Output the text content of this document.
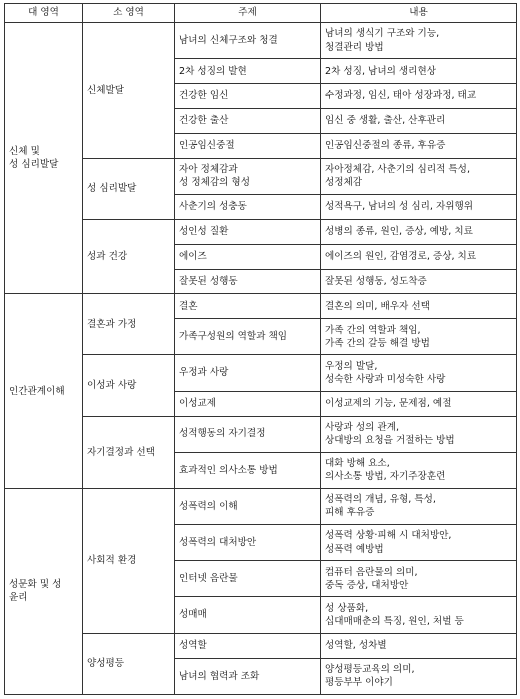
대 영역	소 영역	주제	내용

신체 및
성 심리발달	신체발달	남녀의 신체구조와 청결	남녀의 생식기 구조와 기능,
청결관리 방법

		2차 성징의 발현	2차 성징, 남녀의 생리현상

		건강한 임신	수정과정, 임신, 태아 성장과정, 태교

		건강한 출산	임신 중 생활, 출산, 산후관리

		인공임신중절	인공임신중절의 종류, 후유증

	성 심리발달	자아 정체감과
성 정체감의 형성	자아정체감, 사춘기의 심리적 특성,
성정체감

		사춘기의 성충동	성적욕구, 남녀의 성 심리, 자위행위

	성과 건강	성인성 질환	성병의 종류, 원인, 증상, 예방, 치료

		에이즈	에이즈의 원인, 감염경로, 증상, 치료

		잘못된 성행동	잘못된 성행동, 성도착증

인간관계이해	결혼과 가정	결혼	결혼의 의미, 배우자 선택

		가족구성원의 역할과 책임	가족 간의 역할과 책임,
가족 간의 갈등 해결 방법

	이성과 사랑	우정과 사랑	우정의 발달,
성숙한 사랑과 미성숙한 사랑

		이성교제	이성교제의 기능, 문제점, 예절

	자기결정과 선택	성적행동의 자기결정	사랑과 성의 관계,
상대방의 요청을 거절하는 방법

		효과적인 의사소통 방법	대화 방해 요소,
의사소통 방법, 자기주장훈련

성문화 및 성
윤리	사회적 환경	성폭력의 이해	성폭력의 개념, 유형, 특성,
피해 후유증

		성폭력의 대처방안	성폭력 상황·피해 시 대처방안,
성폭력 예방법

		인터넷 음란물	컴퓨터 음란물의 의미,
중독 증상, 대처방안

		성매매	성 상품화,
십대매매춘의 특징, 원인, 처벌 등

	양성평등	성역할	성역할, 성차별

		남녀의 협력과 조화	양성평등교육의 의미,
평등부부 이야기
